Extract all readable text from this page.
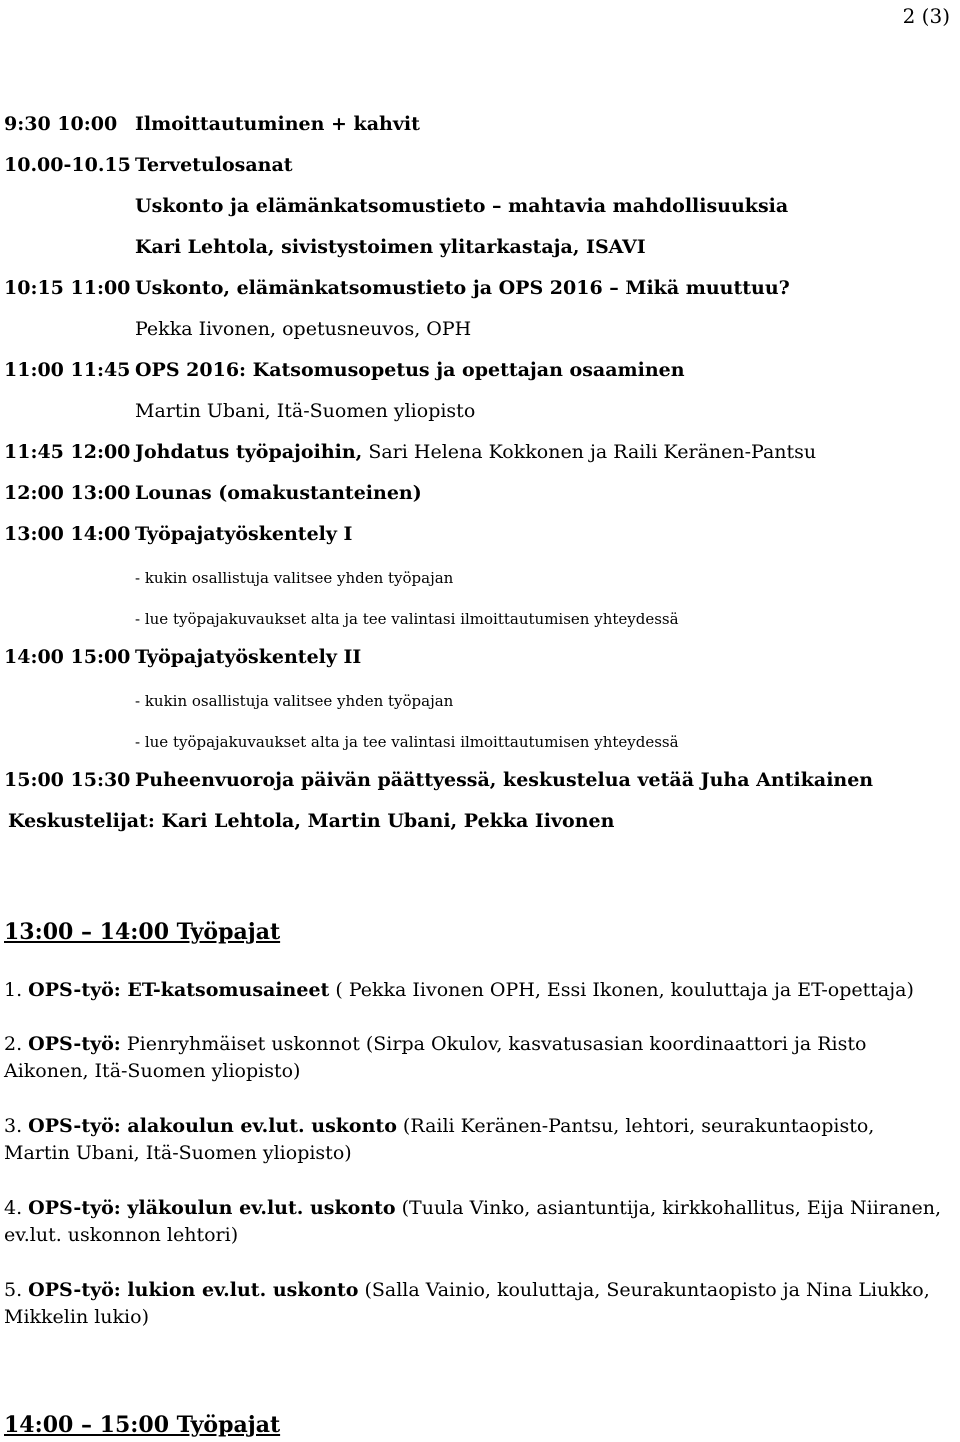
2 (3)
9:30 10:00 Ilmoittautuminen + kahvit
10.00-10.15 Tervetulosanat
Uskonto ja elämänkatsomustieto – mahtavia mahdollisuuksia
Kari Lehtola, sivistystoimen ylitarkastaja, ISAVI
10:15 11:00 Uskonto, elämänkatsomustieto ja OPS 2016 – Mikä muuttuu?
Pekka Iivonen, opetusneuvos, OPH
11:00 11:45 OPS 2016: Katsomusopetus ja opettajan osaaminen
Martin Ubani, Itä-Suomen yliopisto
11:45 12:00 Johdatus työpajoihin, Sari Helena Kokkonen ja Raili Keränen-Pantsu
12:00 13:00 Lounas (omakustanteinen)
13:00 14:00 Työpajatyöskentely I
- kukin osallistuja valitsee yhden työpajan
- lue työpajakuvaukset alta ja tee valintasi ilmoittautumisen yhteydessä
14:00 15:00 Työpajatyöskentely II
- kukin osallistuja valitsee yhden työpajan
- lue työpajakuvaukset alta ja tee valintasi ilmoittautumisen yhteydessä
15:00 15:30 Puheenvuoroja päivän päättyessä, keskustelua vetää Juha Antikainen
Keskustelijat: Kari Lehtola, Martin Ubani, Pekka Iivonen
13:00 – 14:00 Työpajat
1. OPS-työ: ET-katsomusaineet ( Pekka Iivonen OPH, Essi Ikonen, kouluttaja ja ET-opettaja)
2. OPS-työ: Pienryhmäiset uskonnot (Sirpa Okulov, kasvatusasian koordinaattori ja Risto Aikonen, Itä-Suomen yliopisto)
3. OPS-työ: alakoulun ev.lut. uskonto (Raili Keränen-Pantsu, lehtori, seurakuntaopisto, Martin Ubani, Itä-Suomen yliopisto)
4. OPS-työ: yläkoulun ev.lut. uskonto (Tuula Vinko, asiantuntija, kirkkohallitus, Eija Niiranen, ev.lut. uskonnon lehtori)
5. OPS-työ: lukion ev.lut. uskonto (Salla Vainio, kouluttaja, Seurakuntaopisto ja Nina Liukko, Mikkelin lukio)
14:00 – 15:00 Työpajat
